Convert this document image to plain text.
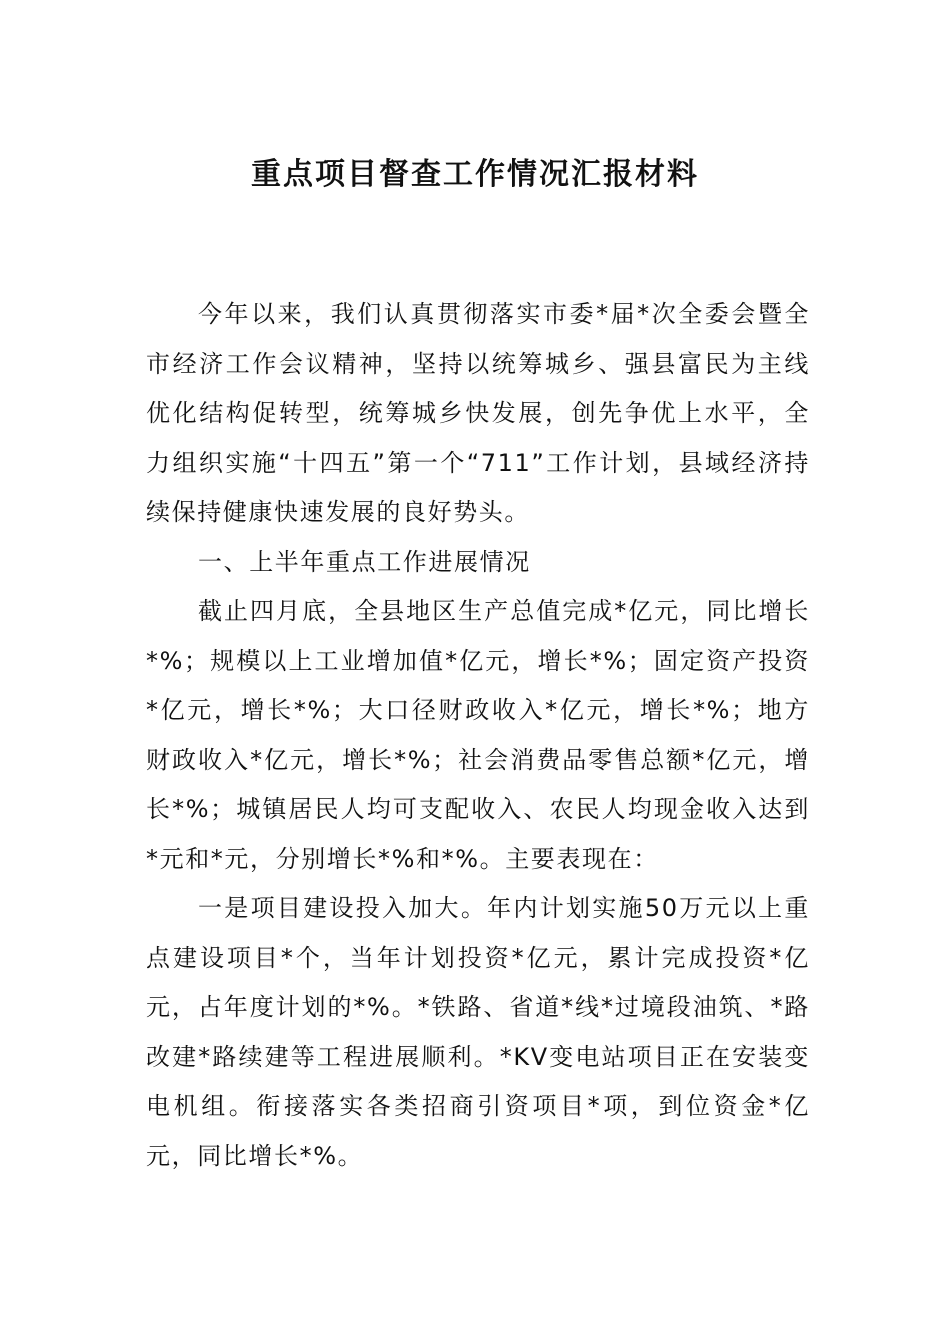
重点项目督查工作情况汇报材料

今年以来，我们认真贯彻落实市委*届*次全委会暨全市经济工作会议精神，坚持以统筹城乡、强县富民为主线优化结构促转型，统筹城乡快发展，创先争优上水平，全力组织实施“十四五”第一个“711”工作计划，县域经济持续保持健康快速发展的良好势头。

一、上半年重点工作进展情况

截止四月底，全县地区生产总值完成*亿元，同比增长*%；规模以上工业增加值*亿元，增长*%；固定资产投资*亿元，增长*%；大口径财政收入*亿元，增长*%；地方财政收入*亿元，增长*%；社会消费品零售总额*亿元，增长*%；城镇居民人均可支配收入、农民人均现金收入达到*元和*元，分别增长*%和*%。主要表现在：

一是项目建设投入加大。年内计划实施50万元以上重点建设项目*个，当年计划投资*亿元，累计完成投资*亿元，占年度计划的*%。*铁路、省道*线*过境段油筑、*路改建*路续建等工程进展顺利。*KV变电站项目正在安装变电机组。衔接落实各类招商引资项目*项，到位资金*亿元，同比增长*%。
